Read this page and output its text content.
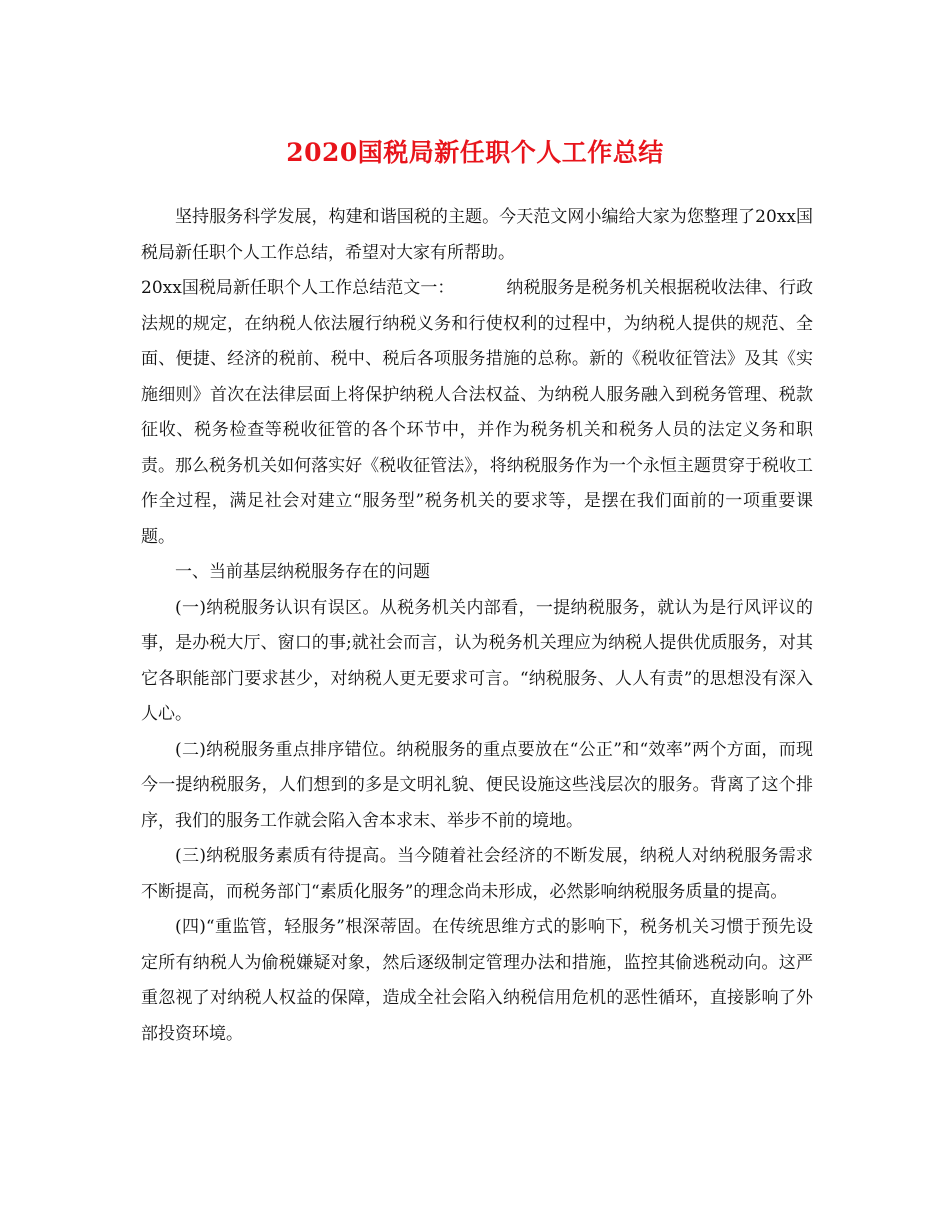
2020国税局新任职个人工作总结

坚持服务科学发展，构建和谐国税的主题。今天范文网小编给大家为您整理了20xx国税局新任职个人工作总结，希望对大家有所帮助。

20xx国税局新任职个人工作总结范文一：	纳税服务是税务机关根据税收法律、行政法规的规定，在纳税人依法履行纳税义务和行使权利的过程中，为纳税人提供的规范、全面、便捷、经济的税前、税中、税后各项服务措施的总称。新的《税收征管法》及其《实施细则》首次在法律层面上将保护纳税人合法权益、为纳税人服务融入到税务管理、税款征收、税务检查等税收征管的各个环节中，并作为税务机关和税务人员的法定义务和职责。那么税务机关如何落实好《税收征管法》，将纳税服务作为一个永恒主题贯穿于税收工作全过程，满足社会对建立“服务型”税务机关的要求等，是摆在我们面前的一项重要课题。

一、当前基层纳税服务存在的问题

(一)纳税服务认识有误区。从税务机关内部看，一提纳税服务，就认为是行风评议的事，是办税大厅、窗口的事;就社会而言，认为税务机关理应为纳税人提供优质服务，对其它各职能部门要求甚少，对纳税人更无要求可言。“纳税服务、人人有责”的思想没有深入人心。

(二)纳税服务重点排序错位。纳税服务的重点要放在“公正”和“效率”两个方面，而现今一提纳税服务，人们想到的多是文明礼貌、便民设施这些浅层次的服务。背离了这个排序，我们的服务工作就会陷入舍本求末、举步不前的境地。

(三)纳税服务素质有待提高。当今随着社会经济的不断发展，纳税人对纳税服务需求不断提高，而税务部门“素质化服务”的理念尚未形成，必然影响纳税服务质量的提高。

(四)“重监管，轻服务”根深蒂固。在传统思维方式的影响下，税务机关习惯于预先设定所有纳税人为偷税嫌疑对象，然后逐级制定管理办法和措施，监控其偷逃税动向。这严重忽视了对纳税人权益的保障，造成全社会陷入纳税信用危机的恶性循环，直接影响了外部投资环境。
